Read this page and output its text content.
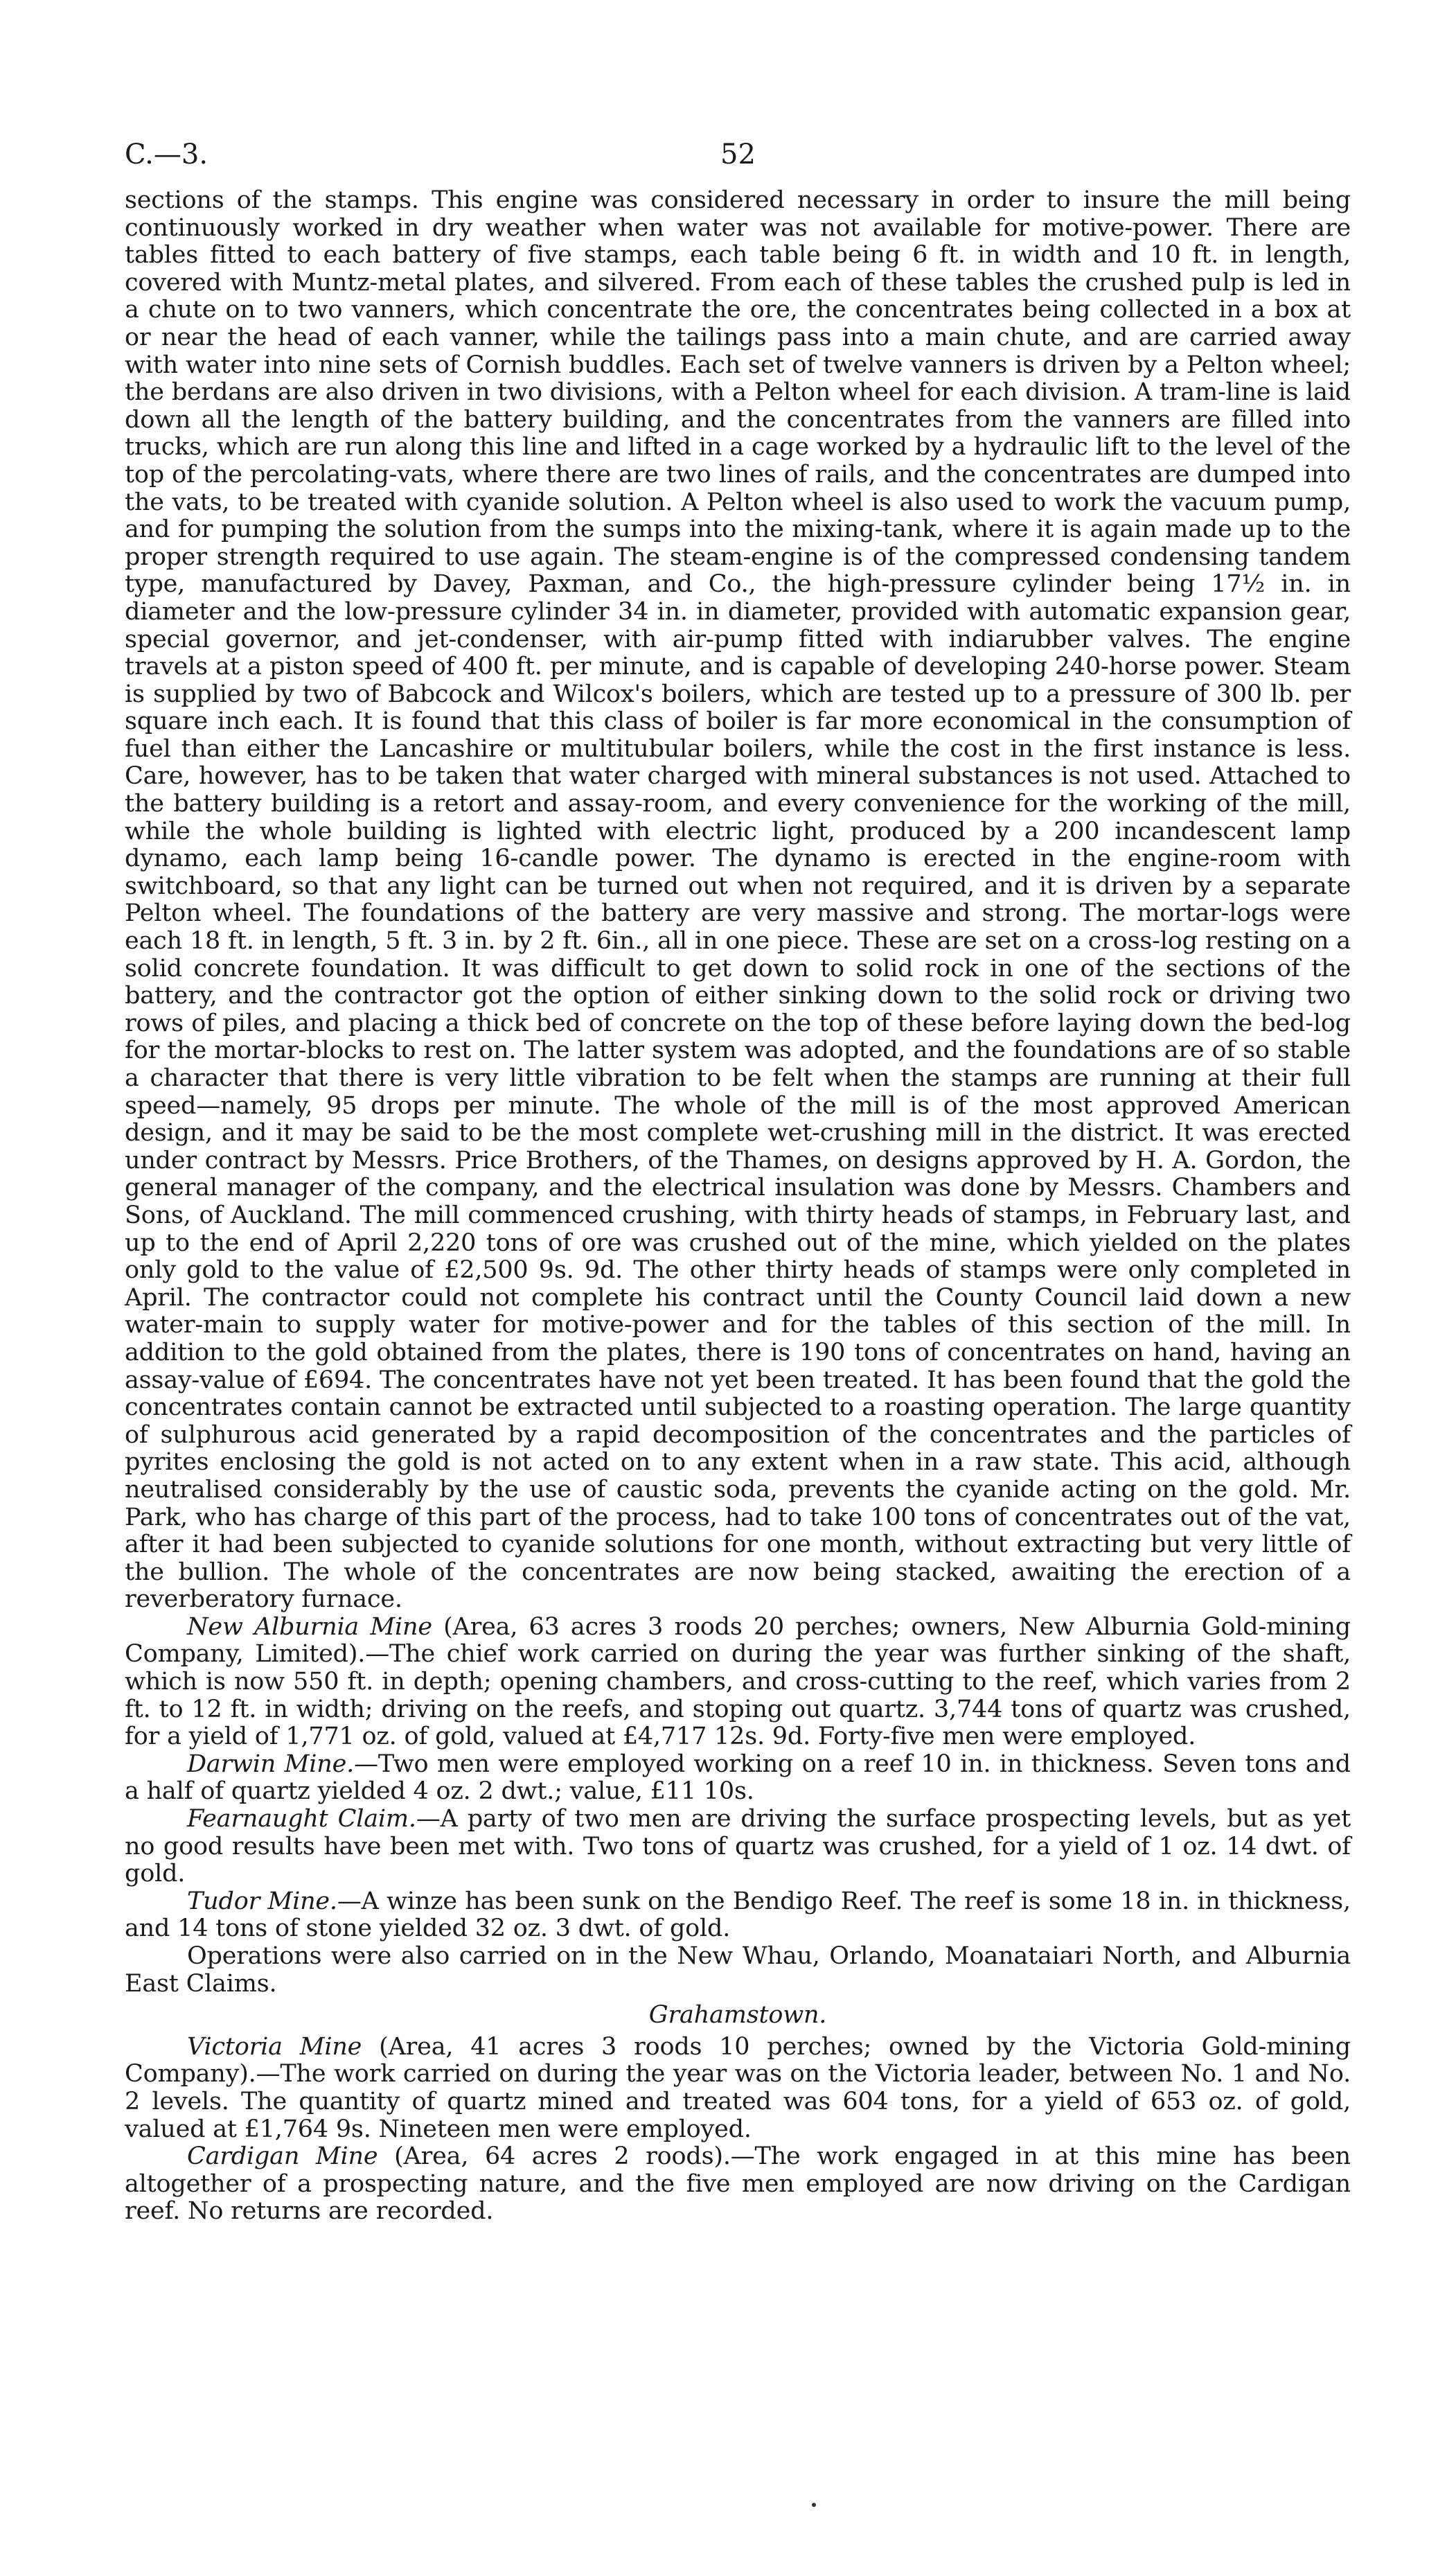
C.—3.	52

sections of the stamps. This engine was considered necessary in order to insure the mill being continuously worked in dry weather when water was not available for motive-power. There are tables fitted to each battery of five stamps, each table being 6 ft. in width and 10 ft. in length, covered with Muntz-metal plates, and silvered. From each of these tables the crushed pulp is led in a chute on to two vanners, which concentrate the ore, the concentrates being collected in a box at or near the head of each vanner, while the tailings pass into a main chute, and are carried away with water into nine sets of Cornish buddles. Each set of twelve vanners is driven by a Pelton wheel; the berdans are also driven in two divisions, with a Pelton wheel for each division. A tram-line is laid down all the length of the battery building, and the concentrates from the vanners are filled into trucks, which are run along this line and lifted in a cage worked by a hydraulic lift to the level of the top of the percolating-vats, where there are two lines of rails, and the concentrates are dumped into the vats, to be treated with cyanide solution. A Pelton wheel is also used to work the vacuum pump, and for pumping the solution from the sumps into the mixing-tank, where it is again made up to the proper strength required to use again. The steam-engine is of the compressed condensing tandem type, manufactured by Davey, Paxman, and Co., the high-pressure cylinder being 17½ in. in diameter and the low-pressure cylinder 34 in. in diameter, provided with automatic expansion gear, special governor, and jet-condenser, with air-pump fitted with indiarubber valves. The engine travels at a piston speed of 400 ft. per minute, and is capable of developing 240-horse power. Steam is supplied by two of Babcock and Wilcox's boilers, which are tested up to a pressure of 300 lb. per square inch each. It is found that this class of boiler is far more economical in the consumption of fuel than either the Lancashire or multitubular boilers, while the cost in the first instance is less. Care, however, has to be taken that water charged with mineral substances is not used. Attached to the battery building is a retort and assay-room, and every convenience for the working of the mill, while the whole building is lighted with electric light, produced by a 200 incandescent lamp dynamo, each lamp being 16-candle power. The dynamo is erected in the engine-room with switchboard, so that any light can be turned out when not required, and it is driven by a separate Pelton wheel. The foundations of the battery are very massive and strong. The mortar-logs were each 18 ft. in length, 5 ft. 3 in. by 2 ft. 6in., all in one piece. These are set on a cross-log resting on a solid concrete foundation. It was difficult to get down to solid rock in one of the sections of the battery, and the contractor got the option of either sinking down to the solid rock or driving two rows of piles, and placing a thick bed of concrete on the top of these before laying down the bed-log for the mortar-blocks to rest on. The latter system was adopted, and the foundations are of so stable a character that there is very little vibration to be felt when the stamps are running at their full speed—namely, 95 drops per minute. The whole of the mill is of the most approved American design, and it may be said to be the most complete wet-crushing mill in the district. It was erected under contract by Messrs. Price Brothers, of the Thames, on designs approved by H. A. Gordon, the general manager of the company, and the electrical insulation was done by Messrs. Chambers and Sons, of Auckland. The mill commenced crushing, with thirty heads of stamps, in February last, and up to the end of April 2,220 tons of ore was crushed out of the mine, which yielded on the plates only gold to the value of £2,500 9s. 9d. The other thirty heads of stamps were only completed in April. The contractor could not complete his contract until the County Council laid down a new water-main to supply water for motive-power and for the tables of this section of the mill. In addition to the gold obtained from the plates, there is 190 tons of concentrates on hand, having an assay-value of £694. The concentrates have not yet been treated. It has been found that the gold the concentrates contain cannot be extracted until subjected to a roasting operation. The large quantity of sulphurous acid generated by a rapid decomposition of the concentrates and the particles of pyrites enclosing the gold is not acted on to any extent when in a raw state. This acid, although neutralised considerably by the use of caustic soda, prevents the cyanide acting on the gold. Mr. Park, who has charge of this part of the process, had to take 100 tons of concentrates out of the vat, after it had been subjected to cyanide solutions for one month, without extracting but very little of the bullion. The whole of the concentrates are now being stacked, awaiting the erection of a reverberatory furnace.

New Alburnia Mine (Area, 63 acres 3 roods 20 perches; owners, New Alburnia Gold-mining Company, Limited).—The chief work carried on during the year was further sinking of the shaft, which is now 550 ft. in depth; opening chambers, and cross-cutting to the reef, which varies from 2 ft. to 12 ft. in width; driving on the reefs, and stoping out quartz. 3,744 tons of quartz was crushed, for a yield of 1,771 oz. of gold, valued at £4,717 12s. 9d. Forty-five men were employed.

Darwin Mine.—Two men were employed working on a reef 10 in. in thickness. Seven tons and a half of quartz yielded 4 oz. 2 dwt.; value, £11 10s.

Fearnaught Claim.—A party of two men are driving the surface prospecting levels, but as yet no good results have been met with. Two tons of quartz was crushed, for a yield of 1 oz. 14 dwt. of gold.

Tudor Mine.—A winze has been sunk on the Bendigo Reef. The reef is some 18 in. in thickness, and 14 tons of stone yielded 32 oz. 3 dwt. of gold.

Operations were also carried on in the New Whau, Orlando, Moanataiari North, and Alburnia East Claims.

Grahamstown.

Victoria Mine (Area, 41 acres 3 roods 10 perches; owned by the Victoria Gold-mining Company).—The work carried on during the year was on the Victoria leader, between No. 1 and No. 2 levels. The quantity of quartz mined and treated was 604 tons, for a yield of 653 oz. of gold, valued at £1,764 9s. Nineteen men were employed.

Cardigan Mine (Area, 64 acres 2 roods).—The work engaged in at this mine has been altogether of a prospecting nature, and the five men employed are now driving on the Cardigan reef. No returns are recorded.
